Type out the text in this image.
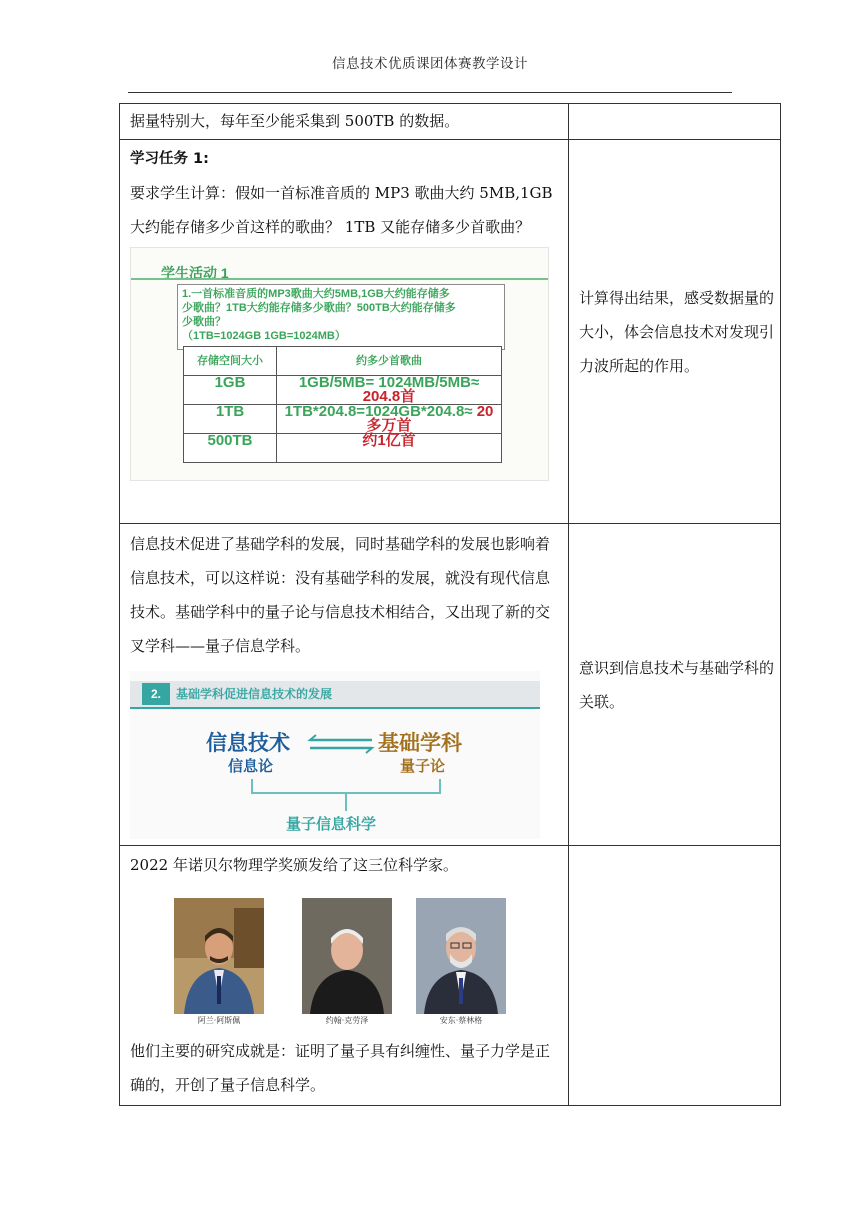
信息技术优质课团体赛教学设计

据量特别大，每年至少能采集到 500TB 的数据。

学习任务 1:

要求学生计算：假如一首标准音质的 MP3 歌曲大约 5MB,1GB 大约能存储多少首这样的歌曲？ 1TB 又能存储多少首歌曲？

学生活动 1
1.一首标准音质的MP3歌曲大约5MB,1GB大约能存储多
少歌曲？1TB大约能存储多少歌曲？500TB大约能存储多
少歌曲？
（1TB=1024GB 1GB=1024MB）
存储空间大小	约多少首歌曲
1GB	1GB/5MB= 1024MB/5MB≈ 204.8首
1TB	1TB*204.8=1024GB*204.8≈ 20多万首
500TB	约1亿首

计算得出结果，感受数据量的大小，体会信息技术对发现引力波所起的作用。

信息技术促进了基础学科的发展，同时基础学科的发展也影响着信息技术，可以这样说：没有基础学科的发展，就没有现代信息技术。基础学科中的量子论与信息技术相结合，又出现了新的交叉学科——量子信息学科。

2.	基础学科促进信息技术的发展
信息技术
信息论
基础学科
量子论
量子信息科学

意识到信息技术与基础学科的关联。

2022 年诺贝尔物理学奖颁发给了这三位科学家。

阿兰·阿斯佩	约翰·克劳泽	安东·蔡林格

他们主要的研究成就是：证明了量子具有纠缠性、量子力学是正确的，开创了量子信息科学。
